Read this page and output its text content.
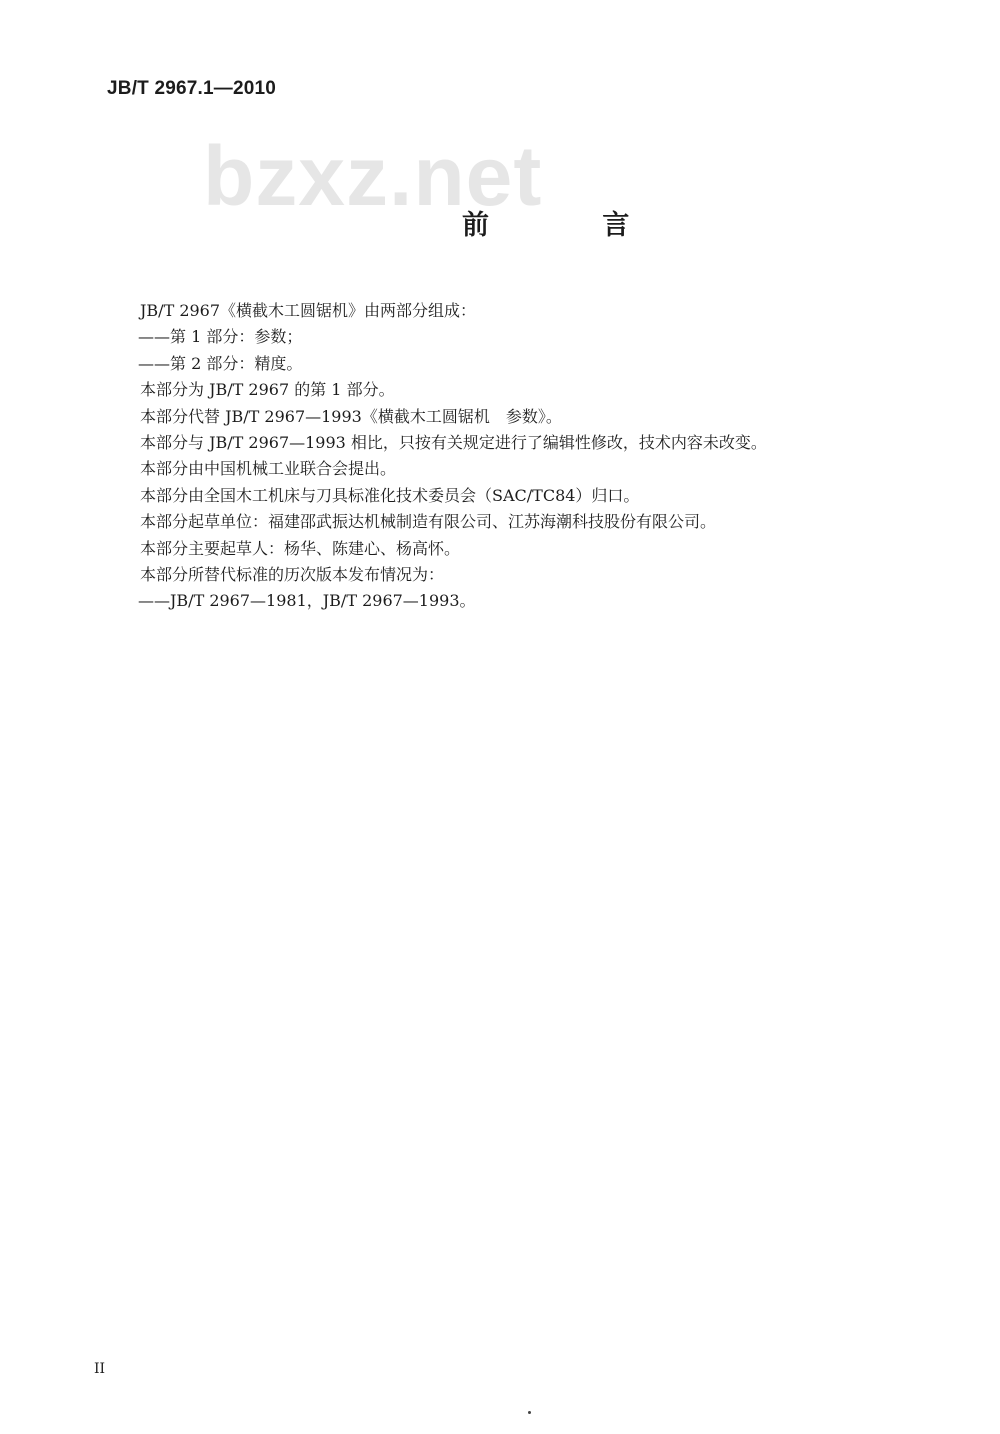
JB/T 2967.1—2010
bzxz.net
前 言
JB/T 2967《横截木工圆锯机》由两部分组成：
——第 1 部分：参数；
——第 2 部分：精度。
本部分为 JB/T 2967 的第 1 部分。
本部分代替 JB/T 2967—1993《横截木工圆锯机　参数》。
本部分与 JB/T 2967—1993 相比，只按有关规定进行了编辑性修改，技术内容未改变。
本部分由中国机械工业联合会提出。
本部分由全国木工机床与刀具标准化技术委员会（SAC/TC84）归口。
本部分起草单位：福建邵武振达机械制造有限公司、江苏海潮科技股份有限公司。
本部分主要起草人：杨华、陈建心、杨高怀。
本部分所替代标准的历次版本发布情况为：
——JB/T 2967—1981，JB/T 2967—1993。
II
